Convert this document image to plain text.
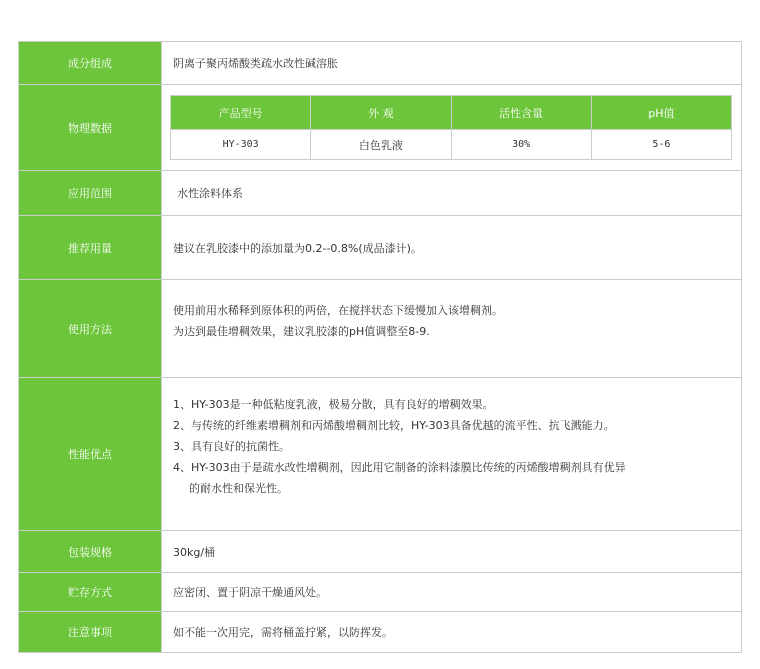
成分组成	阴离子聚丙烯酸类疏水改性碱溶胀
物理数据	
产品型号	外 观	活性含量	pH值
HY-303	白色乳液	30%	5-6

应用范围	水性涂料体系
推荐用量	建议在乳胶漆中的添加量为0.2--0.8%(成品漆计)。
使用方法	
使用前用水稀释到原体积的两倍，在搅拌状态下缓慢加入该增稠剂。
为达到最佳增稠效果，建议乳胶漆的pH值调整至8-9.

性能优点	
1、HY-303是一种低粘度乳液，极易分散，具有良好的增稠效果。
2、与传统的纤维素增稠剂和丙烯酸增稠剂比较，HY-303具备优越的流平性、抗飞溅能力。
3、具有良好的抗菌性。
4、HY-303由于是疏水改性增稠剂，因此用它制备的涂料漆膜比传统的丙烯酸增稠剂具有优异
的耐水性和保光性。

包装规格	30kg/桶
贮存方式	应密闭、置于阴凉干燥通风处。
注意事项	如不能一次用完，需将桶盖拧紧，以防挥发。
